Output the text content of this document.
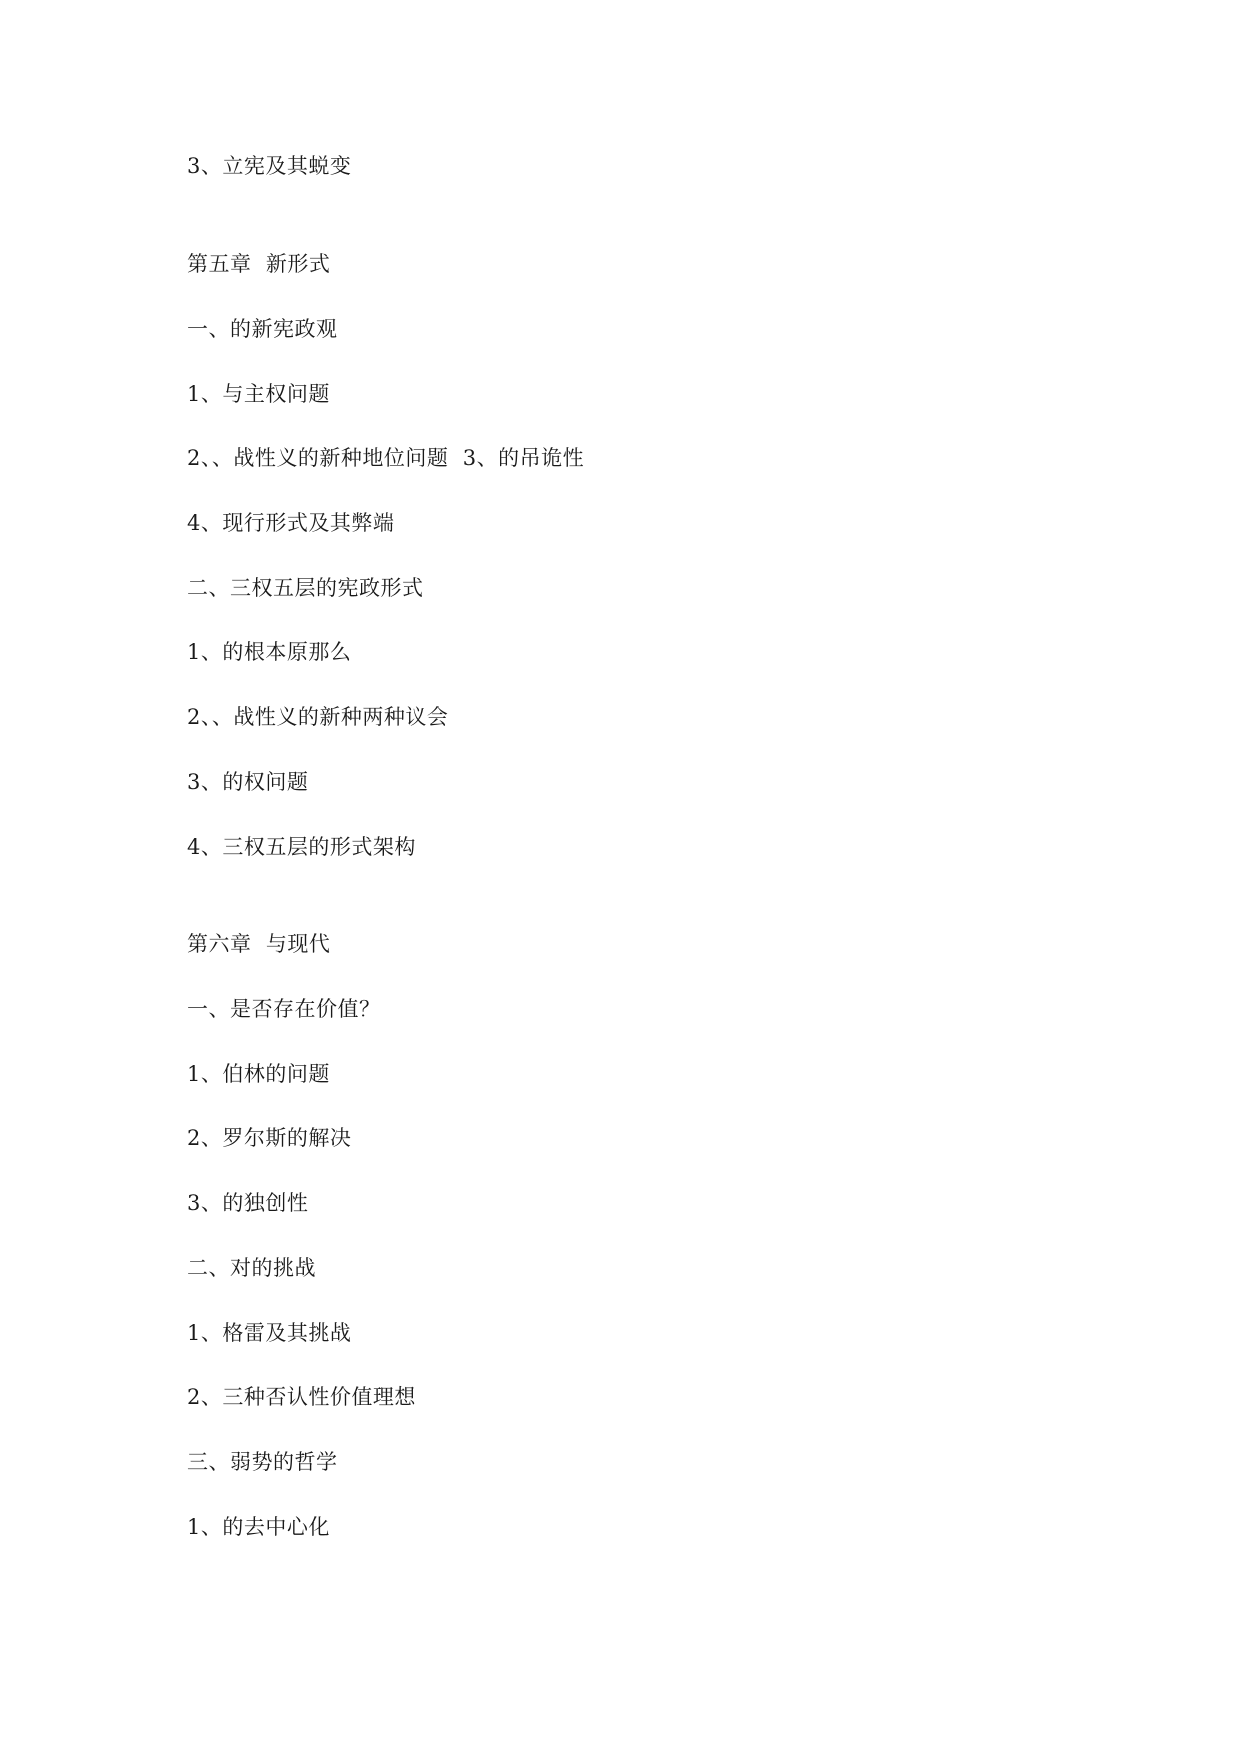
3、立宪及其蜕变
第五章  新形式
一、的新宪政观
1、与主权问题
2、、战性义的新种地位问题  3、的吊诡性
4、现行形式及其弊端
二、三权五层的宪政形式
1、的根本原那么
2、、战性义的新种两种议会
3、的权问题
4、三权五层的形式架构
第六章  与现代
一、是否存在价值？
1、伯林的问题
2、罗尔斯的解决
3、的独创性
二、对的挑战
1、格雷及其挑战
2、三种否认性价值理想
三、弱势的哲学
1、的去中心化
